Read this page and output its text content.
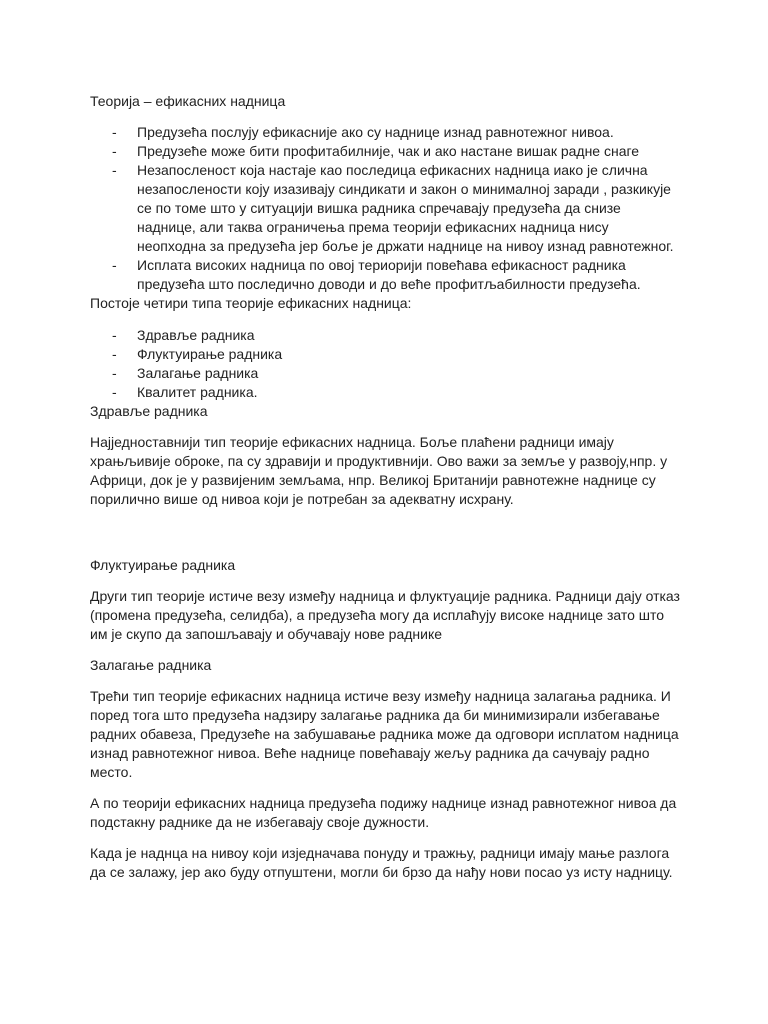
Теорија – ефикасних надница

- Предузећа послују ефикасније ако су наднице изнад равнотежног нивоа.
- Предузеће може бити профитабилније, чак и ако настане вишак радне снаге
- Незапосленост која настаје као последица ефикасних надница иако је слична незапослености коју изазивају синдикати и закон о минималној заради , разкикује се по томе што у ситуацији вишка радника спречавају предузећа да снизе наднице, али таква ограничења према теорији ефикасних надница нису неопходна за предузећа јер боље је држати наднице на нивоу изнад равнотежног.
- Исплата високих надница по овој териорији повећава ефикасност радника предузећа што последично доводи и до веће профитљабилности предузећа.

Постоје четири типа теорије ефикасних надница:

- Здравље радника
- Флуктуирање радника
- Залагање радника
- Квалитет радника.

Здравље радника

Најједноставнији тип теорије ефикасних надница. Боље плаћени радници имају храњљивије оброке, па су здравији и продуктивнији. Ово важи за земље у развоју,нпр. у Африци, док је у развијеним земљама, нпр. Великој Британији равнотежне наднице су порилично више од нивоа који је потребан за адекватну исхрану.

Флуктуирање радника

Други тип теорије истиче везу између надница и флуктуације радника. Радници дају отказ (промена предузећа, селидба), а предузећа могу да исплаћују високе наднице зато што им је скупо да запошљавају и обучавају нове раднике

Залагање радника

Трећи тип теорије ефикасних надница истиче везу између надница залагања радника. И поред тога што предузећа надзиру залагање радника да би минимизирали избегавање радних обавеза, Предузеће на забушавање радника може да одговори исплатом надница изнад равнотежног нивоа. Веће наднице повећавају жељу радника да сачувају радно место.

А по теорији ефикасних надница предузећа подижу наднице изнад равнотежног нивоа да подстакну раднике да не избегавају своје дужности.

Када је наднца на нивоу који изједначава понуду и тражњу, радници имају мање разлога да се залажу, јер ако буду отпуштени, могли би брзо да нађу нови посао уз исту надницу.
